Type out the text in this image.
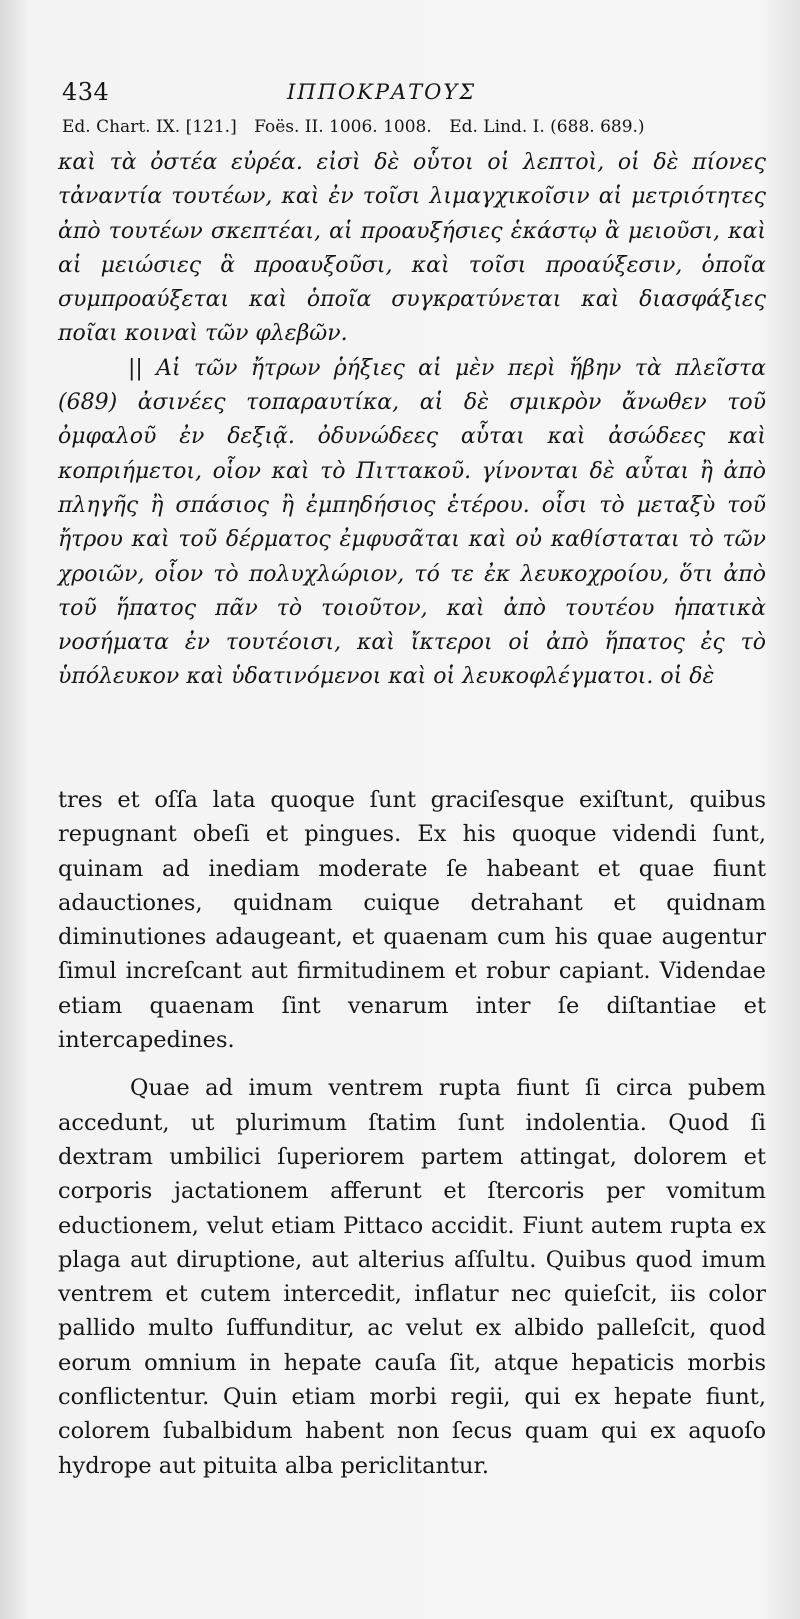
434	ΙΠΠΟΚΡΑΤΟΥΣ
Ed. Chart. IX. [121.] Foës. II. 1006. 1008. Ed. Lind. I. (688. 689.)

καὶ τὰ ὀστέα εὐρέα. εἰσὶ δὲ οὗτοι οἱ λεπτοὶ, οἱ δὲ πίονες τἀναντία τουτέων, καὶ ἐν τοῖσι λιμαγχικοῖσιν αἱ μετριότητες ἀπὸ τουτέων σκεπτέαι, αἱ προαυξήσιες ἑκάστῳ ἃ μειοῦσι, καὶ αἱ μειώσιες ἃ προαυξοῦσι, καὶ τοῖσι προαύξεσιν, ὁποῖα συμπροαύξεται καὶ ὁποῖα συγκρατύνεται καὶ διασφάξιες ποῖαι κοιναὶ τῶν φλεβῶν.

|| Αἱ τῶν ἤτρων ῥήξιες αἱ μὲν περὶ ἥβην τὰ πλεῖστα (689) ἀσινέες τοπαραυτίκα, αἱ δὲ σμικρὸν ἄνωθεν τοῦ ὀμφαλοῦ ἐν δεξιᾷ. ὀδυνώδεες αὗται καὶ ἀσώδεες καὶ κοπριήμετοι, οἷον καὶ τὸ Πιττακοῦ. γίνονται δὲ αὗται ἢ ἀπὸ πληγῆς ἢ σπάσιος ἢ ἐμπηδήσιος ἑτέρου. οἷσι τὸ μεταξὺ τοῦ ἤτρου καὶ τοῦ δέρματος ἐμφυσᾶται καὶ οὐ καθίσταται τὸ τῶν χροιῶν, οἷον τὸ πολυχλώριον, τό τε ἐκ λευκοχροίου, ὅτι ἀπὸ τοῦ ἥπατος πᾶν τὸ τοιοῦτον, καὶ ἀπὸ τουτέου ἡπατικὰ νοσήματα ἐν τουτέοισι, καὶ ἴκτεροι οἱ ἀπὸ ἥπατος ἐς τὸ ὑπόλευκον καὶ ὑδατινόμενοι καὶ οἱ λευκοφλέγματοι. οἱ δὲ

tres et oſſa lata quoque ſunt graciſesque exiſtunt, quibus repugnant obeſi et pingues. Ex his quoque videndi ſunt, quinam ad inediam moderate ſe habeant et quae fiunt adauctiones, quidnam cuique detrahant et quidnam diminutiones adaugeant, et quaenam cum his quae augentur ſimul increſcant aut firmitudinem et robur capiant. Videndae etiam quaenam ſint venarum inter ſe diſtantiae et intercapedines.

Quae ad imum ventrem rupta fiunt ſi circa pubem accedunt, ut plurimum ſtatim ſunt indolentia. Quod ſi dextram umbilici ſuperiorem partem attingat, dolorem et corporis jactationem afferunt et ſtercoris per vomitum eductionem, velut etiam Pittaco accidit. Fiunt autem rupta ex plaga aut diruptione, aut alterius aſſultu. Quibus quod imum ventrem et cutem intercedit, inflatur nec quieſcit, iis color pallido multo ſuffunditur, ac velut ex albido palleſcit, quod eorum omnium in hepate cauſa ſit, atque hepaticis morbis conflictentur. Quin etiam morbi regii, qui ex hepate fiunt, colorem ſubalbidum habent non ſecus quam qui ex aquoſo hydrope aut pituita alba periclitantur.
